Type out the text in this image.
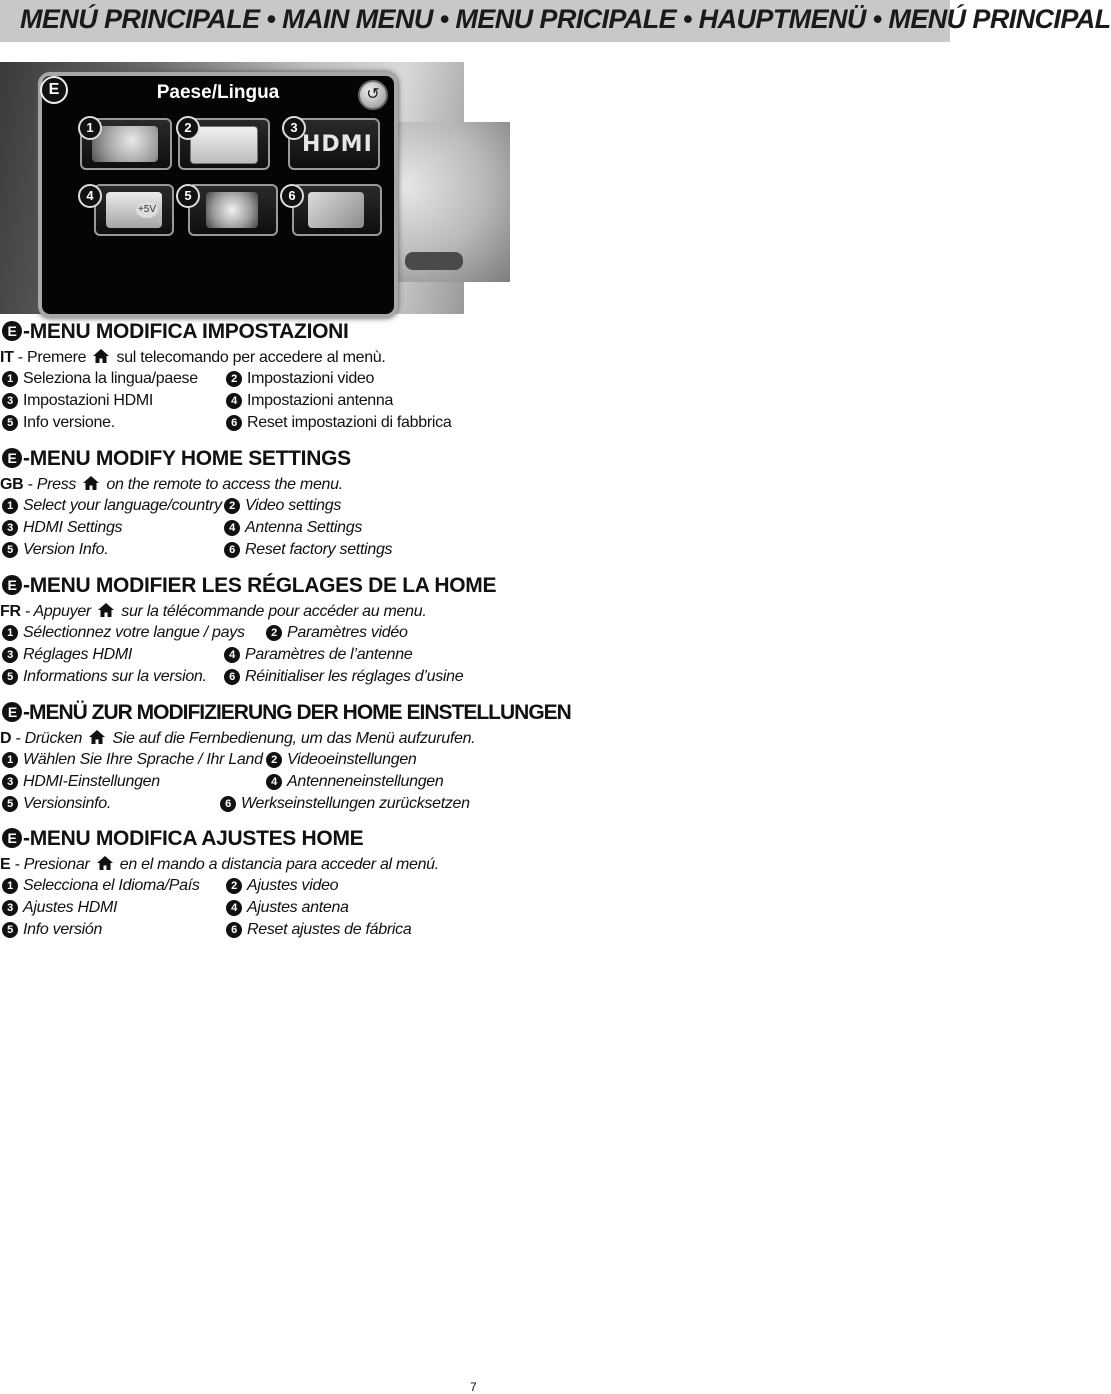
MENÚ PRINCIPALE • MAIN MENU • MENU PRICIPALE • HAUPTMENÜ • MENÚ PRINCIPAL
E	Paese/Lingua	↺
1	2
HDMI
3
+5V
4	5	6
E -MENU MODIFICA IMPOSTAZIONI
IT - Premere  sul telecomando per accedere al menù.
1 Seleziona la lingua/paese	2 Impostazioni video
3 Impostazioni HDMI	4 Impostazioni antenna
5 Info versione.	6 Reset impostazioni di fabbrica
E -MENU MODIFY HOME SETTINGS
GB - Press  on the remote to access the menu.
1 Select your language/country 2 Video settings
3 HDMI Settings	4 Antenna Settings
5 Version Info.	6 Reset factory settings
E -MENU MODIFIER LES RÉGLAGES DE LA HOME
FR - Appuyer  sur la télécommande pour accéder au menu.
1 Sélectionnez votre langue / pays	2 Paramètres vidéo
3 Réglages HDMI	4 Paramètres de l’antenne
5 Informations sur la version.	6 Réinitialiser les réglages d’usine
E -MENÜ ZUR MODIFIZIERUNG DER HOME EINSTELLUNGEN
D - Drücken  Sie auf die Fernbedienung, um das Menü aufzurufen.
1 Wählen Sie Ihre Sprache / Ihr Land 2 Videoeinstellungen
3 HDMI-Einstellungen	4 Antenneneinstellungen
5 Versionsinfo.	6 Werkseinstellungen zurücksetzen
E -MENU MODIFICA AJUSTES HOME
E - Presionar  en el mando a distancia para acceder al menú.
1 Selecciona el Idioma/País	2 Ajustes video
3 Ajustes HDMI	4 Ajustes antena
5 Info versión	6 Reset ajustes de fábrica
7
